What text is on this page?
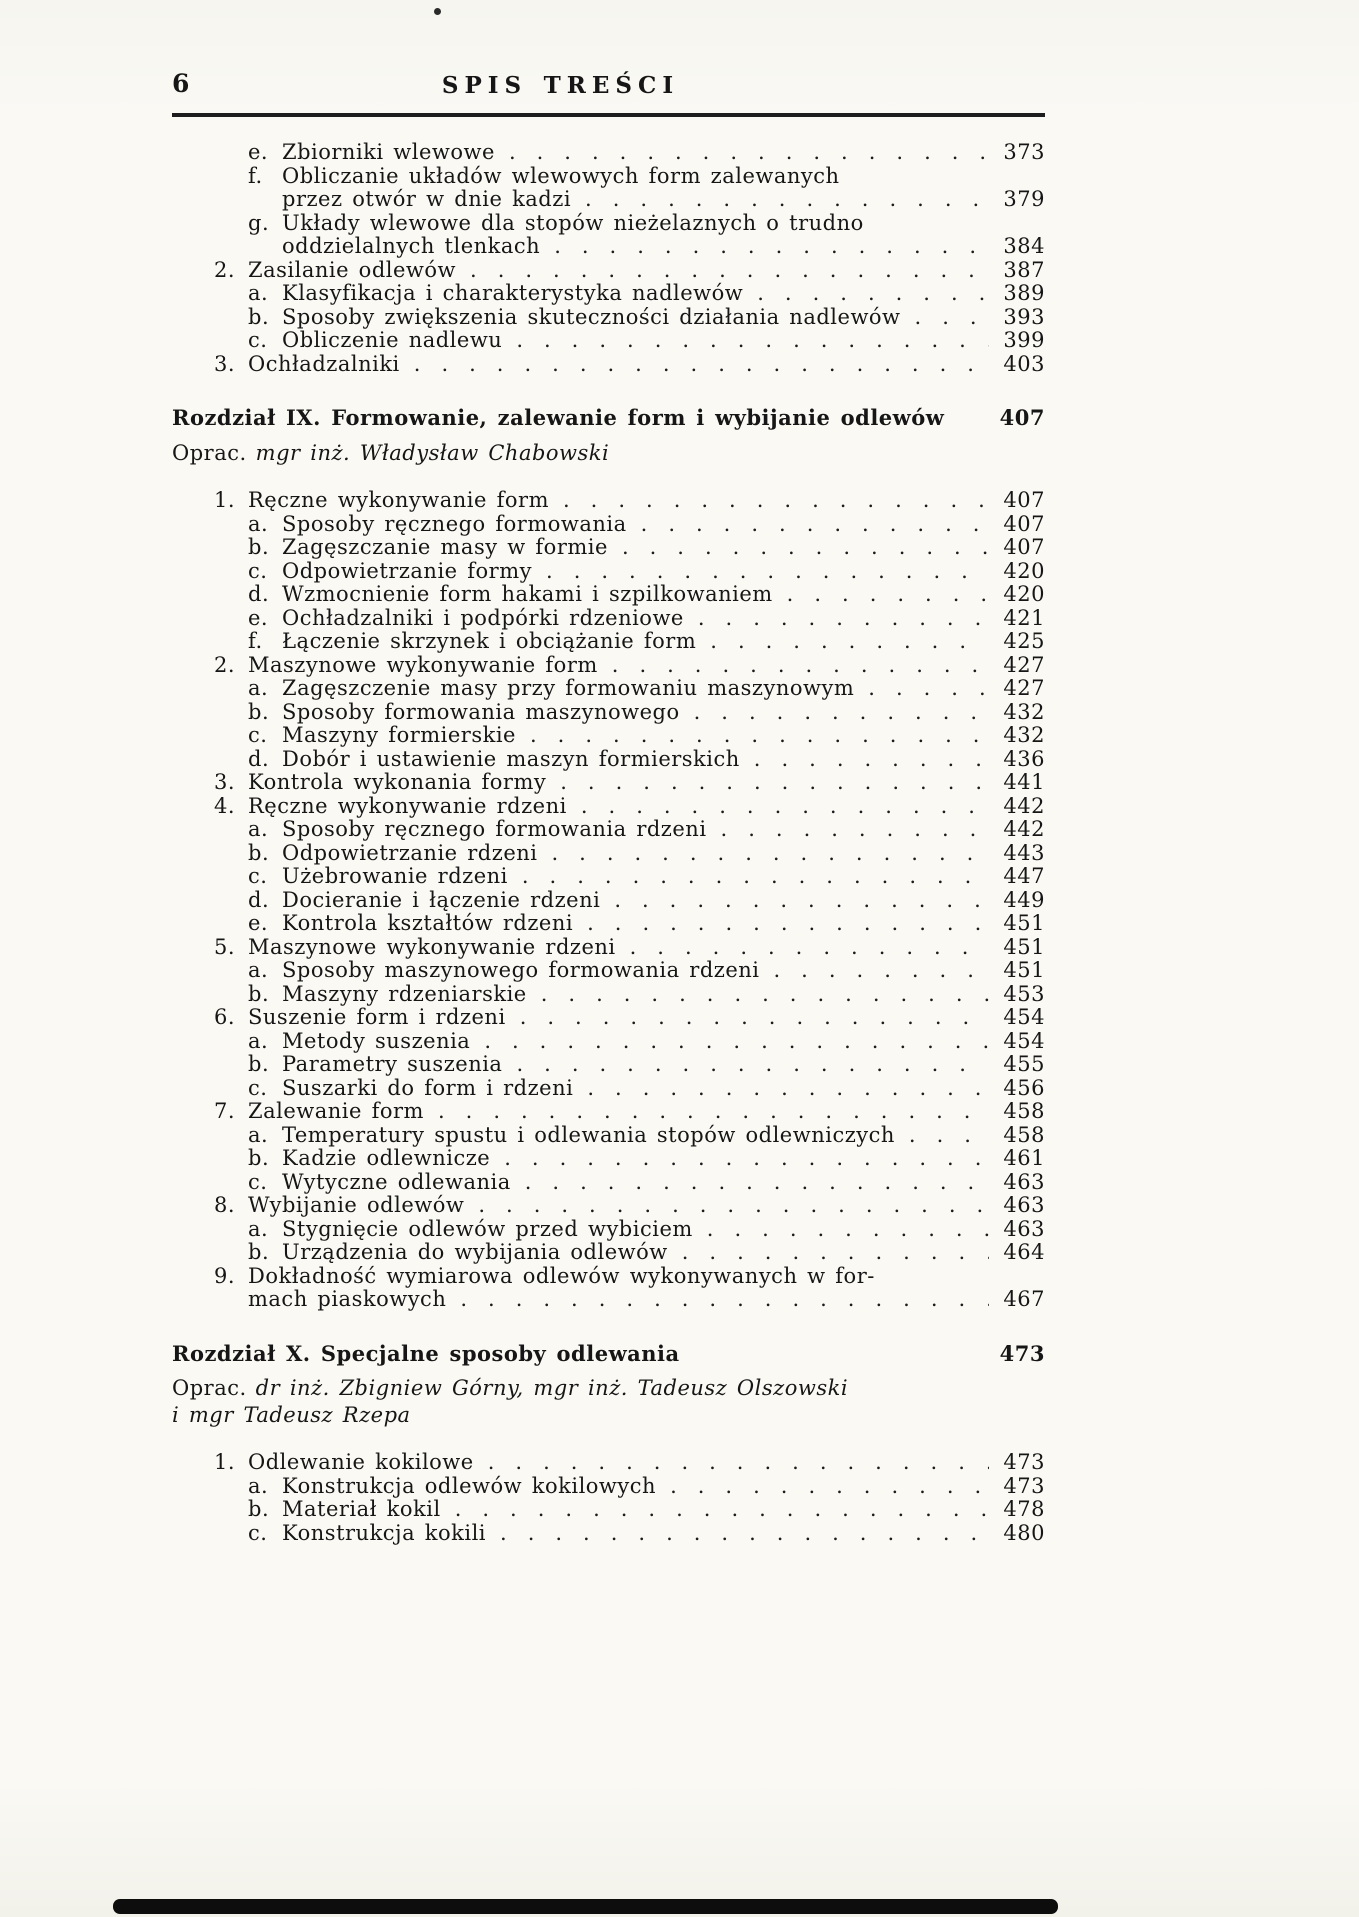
6	SPIS TREŚCI
e. Zbiorniki wlewowe .....	373
f. Obliczanie układów wlewowych form zalewanych
przez otwór w dnie kadzi .....	379
g. Układy wlewowe dla stopów nieżelaznych o trudno
oddzielalnych tlenkach .....	384
2. Zasilanie odlewów .....	387
a. Klasyfikacja i charakterystyka nadlewów .....	389
b. Sposoby zwiększenia skuteczności działania nadlewów .....	393
c. Obliczenie nadlewu .....	399
3. Ochładzalniki .....	403
Rozdział IX. Formowanie, zalewanie form i wybijanie odlewów	407
Oprac. mgr inż. Władysław Chabowski
1. Ręczne wykonywanie form .....	407
a. Sposoby ręcznego formowania .....	407
b. Zagęszczanie masy w formie .....	407
c. Odpowietrzanie formy .....	420
d. Wzmocnienie form hakami i szpilkowaniem .....	420
e. Ochładzalniki i podpórki rdzeniowe .....	421
f. Łączenie skrzynek i obciążanie form .....	425
2. Maszynowe wykonywanie form .....	427
a. Zagęszczenie masy przy formowaniu maszynowym .....	427
b. Sposoby formowania maszynowego .....	432
c. Maszyny formierskie .....	432
d. Dobór i ustawienie maszyn formierskich .....	436
3. Kontrola wykonania formy .....	441
4. Ręczne wykonywanie rdzeni .....	442
a. Sposoby ręcznego formowania rdzeni .....	442
b. Odpowietrzanie rdzeni .....	443
c. Użebrowanie rdzeni .....	447
d. Docieranie i łączenie rdzeni .....	449
e. Kontrola kształtów rdzeni .....	451
5. Maszynowe wykonywanie rdzeni .....	451
a. Sposoby maszynowego formowania rdzeni .....	451
b. Maszyny rdzeniarskie .....	453
6. Suszenie form i rdzeni .....	454
a. Metody suszenia .....	454
b. Parametry suszenia .....	455
c. Suszarki do form i rdzeni .....	456
7. Zalewanie form .....	458
a. Temperatury spustu i odlewania stopów odlewniczych .....	458
b. Kadzie odlewnicze .....	461
c. Wytyczne odlewania .....	463
8. Wybijanie odlewów .....	463
a. Stygnięcie odlewów przed wybiciem .....	463
b. Urządzenia do wybijania odlewów .....	464
9. Dokładność wymiarowa odlewów wykonywanych w for-
mach piaskowych .....	467
Rozdział X. Specjalne sposoby odlewania	473
Oprac. dr inż. Zbigniew Górny, mgr inż. Tadeusz Olszowski
i mgr Tadeusz Rzepa
1. Odlewanie kokilowe .....	473
a. Konstrukcja odlewów kokilowych .....	473
b. Materiał kokil .....	478
c. Konstrukcja kokili .....	480
